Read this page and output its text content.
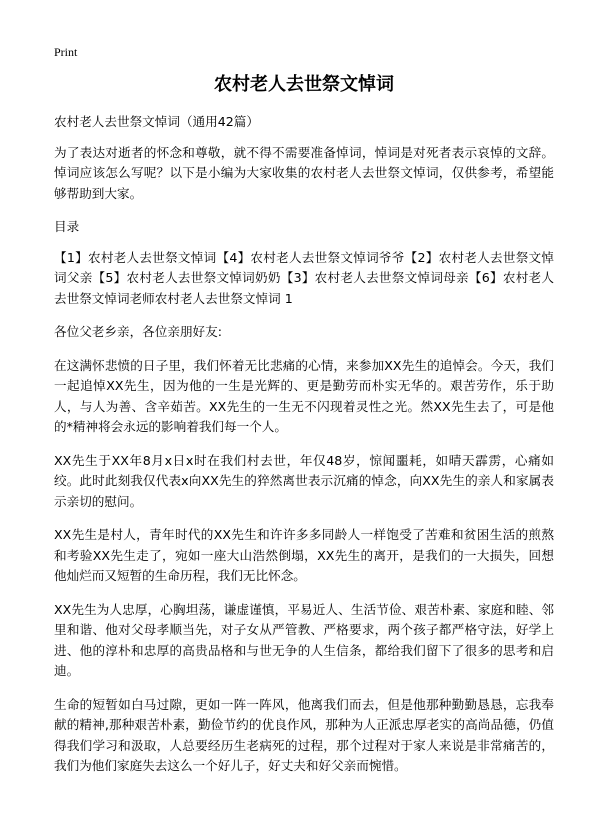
Print
农村老人去世祭文悼词
农村老人去世祭文悼词（通用42篇）
为了表达对逝者的怀念和尊敬，就不得不需要准备悼词，悼词是对死者表示哀悼的文辞。悼词应该怎么写呢？以下是小编为大家收集的农村老人去世祭文悼词，仅供参考，希望能够帮助到大家。
目录
【1】农村老人去世祭文悼词【4】农村老人去世祭文悼词爷爷【2】农村老人去世祭文悼词父亲【5】农村老人去世祭文悼词奶奶【3】农村老人去世祭文悼词母亲【6】农村老人去世祭文悼词老师农村老人去世祭文悼词 1
各位父老乡亲，各位亲朋好友:
在这满怀悲愤的日子里，我们怀着无比悲痛的心情，来参加XX先生的追悼会。今天，我们一起追悼XX先生，因为他的一生是光辉的、更是勤劳而朴实无华的。艰苦劳作，乐于助人，与人为善、含辛茹苦。XX先生的一生无不闪现着灵性之光。然XX先生去了，可是他的*精神将会永远的影响着我们每一个人。
XX先生于XX年8月x日x时在我们村去世，年仅48岁，惊闻噩耗，如晴天霹雳，心痛如绞。此时此刻我仅代表x向XX先生的猝然离世表示沉痛的悼念，向XX先生的亲人和家属表示亲切的慰问。
XX先生是村人，青年时代的XX先生和许许多多同龄人一样饱受了苦难和贫困生活的煎熬和考验XX先生走了，宛如一座大山浩然倒塌，XX先生的离开，是我们的一大损失，回想他灿烂而又短暂的生命历程，我们无比怀念。
XX先生为人忠厚，心胸坦荡，谦虚谨慎，平易近人、生活节俭、艰苦朴素、家庭和睦、邻里和谐、他对父母孝顺当先，对子女从严管教、严格要求，两个孩子都严格守法，好学上进、他的淳朴和忠厚的高贵品格和与世无争的人生信条，都给我们留下了很多的思考和启迪。
生命的短暂如白马过隙，更如一阵一阵风，他离我们而去，但是他那种勤勤恳恳，忘我奉献的精神,那种艰苦朴素，勤俭节约的优良作风，那种为人正派忠厚老实的高尚品德，仍值得我们学习和汲取，人总要经历生老病死的过程，那个过程对于家人来说是非常痛苦的，我们为他们家庭失去这么一个好儿子，好丈夫和好父亲而惋惜。
